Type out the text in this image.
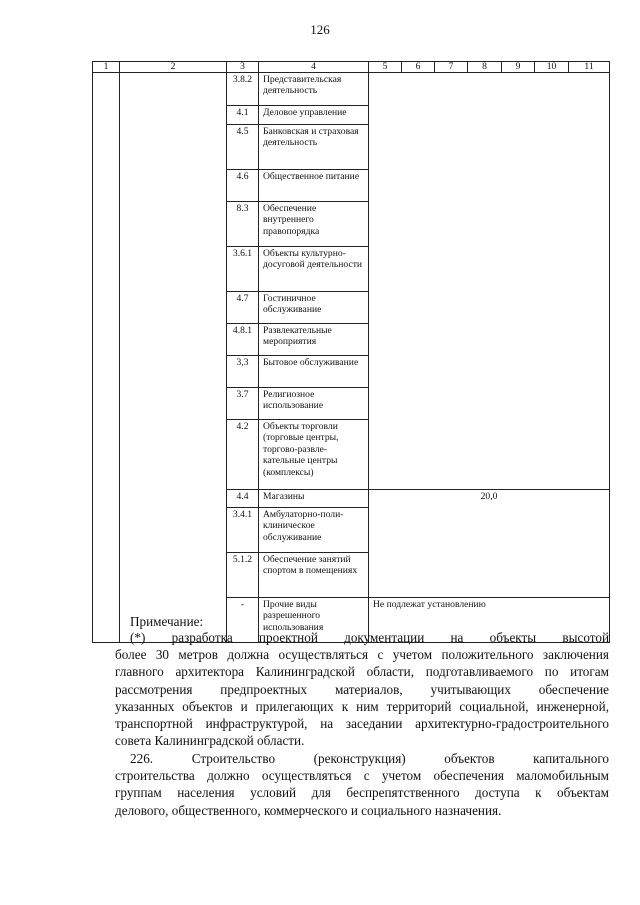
126
1	2	3	4	5	6	7	8	9	10	11
		3.8.2	Представительская деятельность							
		4.1	Деловое управление							
		4.5	Банковская и страховая деятельность							
		4.6	Общественное питание							
		8.3	Обеспечение внутреннего правопорядка							
		3.6.1	Объекты культурно-досуговой деятельности							
		4.7	Гостиничное обслуживание							
		4.8.1	Развлекательные мероприятия							
		3,3	Бытовое обслуживание							
		3.7	Религиозное использование							
		4.2	Объекты торговли (торговые центры, торгово-развле-кательные центры (комплексы)							
		4.4	Магазины	20,0						
		3.4.1	Амбулаторно-поли-клиническое обслуживание							
		5.1.2	Обеспечение занятий спортом в помещениях							
		-	Прочие виды разрешенного использования	Не подлежат установлению						
Примечание:
(*) разработка проектной документации на объекты высотой
более 30 метров должна осуществляться с учетом положительного заключения
главного архитектора Калининградской области, подготавливаемого по итогам
рассмотрения предпроектных материалов, учитывающих обеспечение
указанных объектов и прилегающих к ним территорий социальной, инженерной,
транспортной инфраструктурой, на заседании архитектурно-градостроительного
совета Калининградской области.
226. Строительство (реконструкция) объектов капитального
строительства должно осуществляться с учетом обеспечения маломобильным
группам населения условий для беспрепятственного доступа к объектам
делового, общественного, коммерческого и социального назначения.
